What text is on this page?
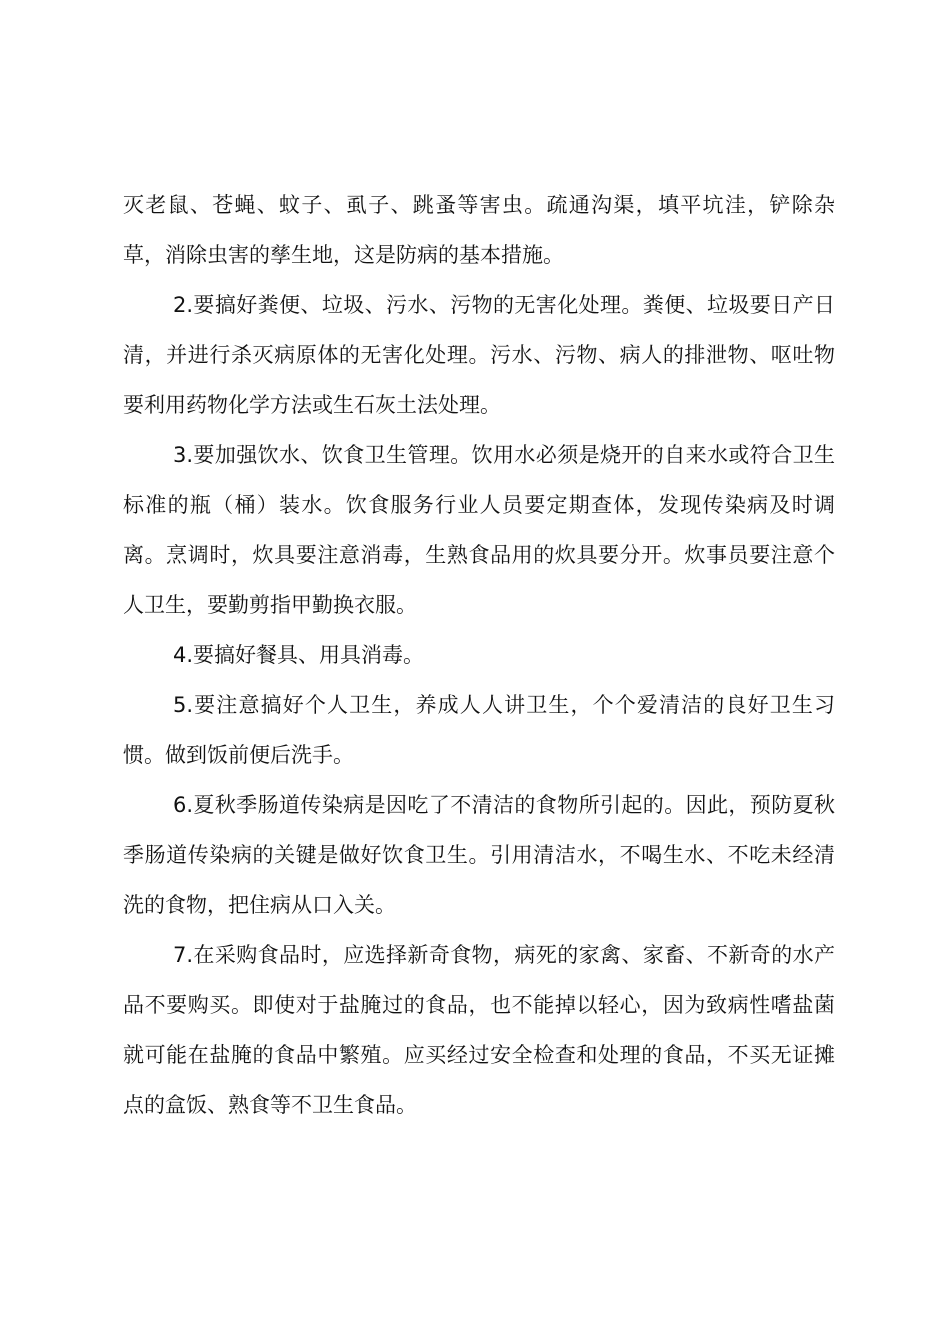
灭老鼠、苍蝇、蚊子、虱子、跳蚤等害虫。疏通沟渠，填平坑洼，铲除杂草，消除虫害的孳生地，这是防病的基本措施。

2.要搞好粪便、垃圾、污水、污物的无害化处理。粪便、垃圾要日产日清，并进行杀灭病原体的无害化处理。污水、污物、病人的排泄物、呕吐物要利用药物化学方法或生石灰土法处理。

3.要加强饮水、饮食卫生管理。饮用水必须是烧开的自来水或符合卫生标准的瓶（桶）装水。饮食服务行业人员要定期查体，发现传染病及时调离。烹调时，炊具要注意消毒，生熟食品用的炊具要分开。炊事员要注意个人卫生，要勤剪指甲勤换衣服。

4.要搞好餐具、用具消毒。

5.要注意搞好个人卫生，养成人人讲卫生，个个爱清洁的良好卫生习惯。做到饭前便后洗手。

6.夏秋季肠道传染病是因吃了不清洁的食物所引起的。因此，预防夏秋季肠道传染病的关键是做好饮食卫生。引用清洁水，不喝生水、不吃未经清洗的食物，把住病从口入关。

7.在采购食品时，应选择新奇食物，病死的家禽、家畜、不新奇的水产品不要购买。即使对于盐腌过的食品，也不能掉以轻心，因为致病性嗜盐菌就可能在盐腌的食品中繁殖。应买经过安全检查和处理的食品，不买无证摊点的盒饭、熟食等不卫生食品。
